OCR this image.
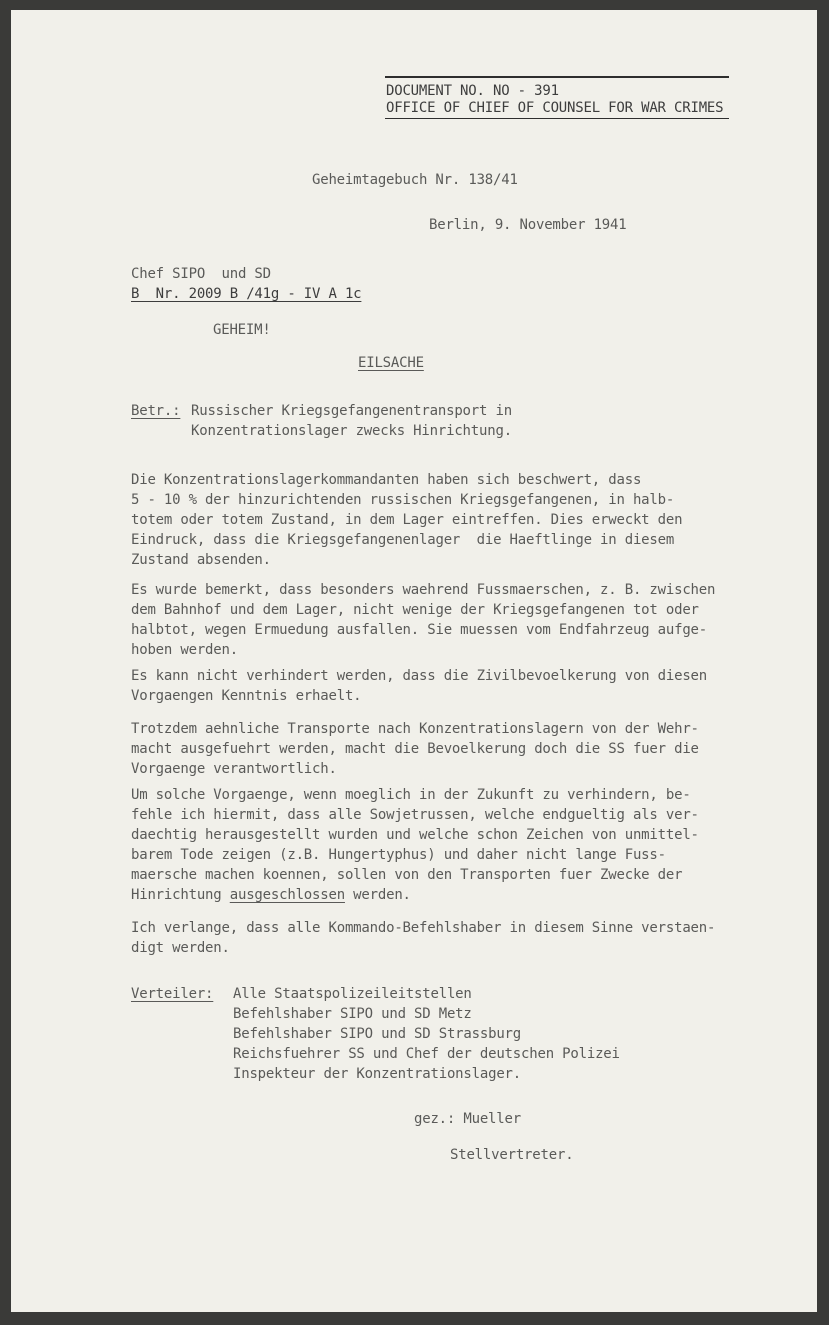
DOCUMENT NO. NO - 391
OFFICE OF CHIEF OF COUNSEL FOR WAR CRIMES
Geheimtagebuch Nr. 138/41
Berlin, 9. November 1941
Chef SIPO  und SD
B  Nr. 2009 B /41g - IV A 1c
GEHEIM!
EILSACHE
Betr.: Russischer Kriegsgefangenentransport in
Konzentrationslager zwecks Hinrichtung.
Die Konzentrationslagerkommandanten haben sich beschwert, dass
5 - 10 % der hinzurichtenden russischen Kriegsgefangenen, in halb-
totem oder totem Zustand, in dem Lager eintreffen. Dies erweckt den
Eindruck, dass die Kriegsgefangenenlager  die Haeftlinge in diesem
Zustand absenden.
Es wurde bemerkt, dass besonders waehrend Fussmaerschen, z. B. zwischen
dem Bahnhof und dem Lager, nicht wenige der Kriegsgefangenen tot oder
halbtot, wegen Ermuedung ausfallen. Sie muessen vom Endfahrzeug aufge-
hoben werden.
Es kann nicht verhindert werden, dass die Zivilbevoelkerung von diesen
Vorgaengen Kenntnis erhaelt.
Trotzdem aehnliche Transporte nach Konzentrationslagern von der Wehr-
macht ausgefuehrt werden, macht die Bevoelkerung doch die SS fuer die
Vorgaenge verantwortlich.
Um solche Vorgaenge, wenn moeglich in der Zukunft zu verhindern, be-
fehle ich hiermit, dass alle Sowjetrussen, welche endgueltig als ver-
daechtig herausgestellt wurden und welche schon Zeichen von unmittel-
barem Tode zeigen (z.B. Hungertyphus) und daher nicht lange Fuss-
maersche machen koennen, sollen von den Transporten fuer Zwecke der
Hinrichtung ausgeschlossen werden.
Ich verlange, dass alle Kommando-Befehlshaber in diesem Sinne verstaen-
digt werden.
Verteiler: Alle Staatspolizeileitstellen
Befehlshaber SIPO und SD Metz
Befehlshaber SIPO und SD Strassburg
Reichsfuehrer SS und Chef der deutschen Polizei
Inspekteur der Konzentrationslager.
gez.: Mueller
Stellvertreter.
